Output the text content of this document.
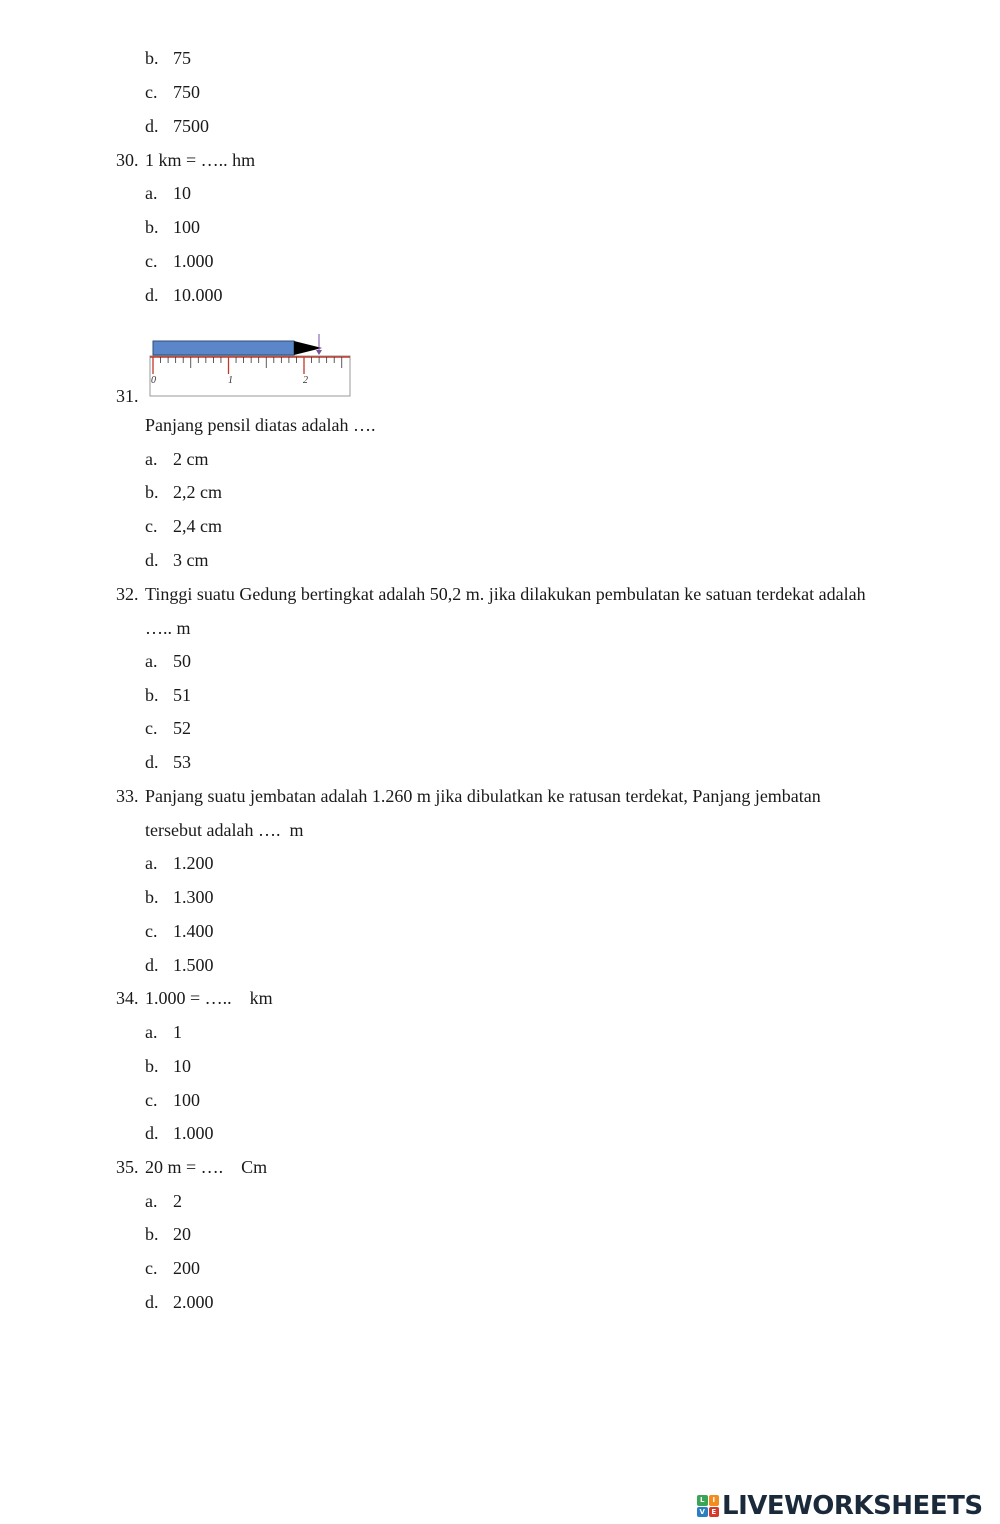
b. 75
c. 750
d. 7500
30. 1 km = ….. hm
a. 10
b. 100
c. 1.000
d. 10.000
31.
0	1	2
Panjang pensil diatas adalah ….
a. 2 cm
b. 2,2 cm
c. 2,4 cm
d. 3 cm
32. Tinggi suatu Gedung bertingkat adalah 50,2 m. jika dilakukan pembulatan ke satuan terdekat adalah
….. m
a. 50
b. 51
c. 52
d. 53
33. Panjang suatu jembatan adalah 1.260 m jika dibulatkan ke ratusan terdekat, Panjang jembatan
tersebut adalah ….  m
a. 1.200
b. 1.300
c. 1.400
d. 1.500
34. 1.000 = …..    km
a. 1
b. 10
c. 100
d. 1.000
35. 20 m = ….    Cm
a. 2
b. 20
c. 200
d. 2.000
L	I
V E LIVEWORKSHEETS
